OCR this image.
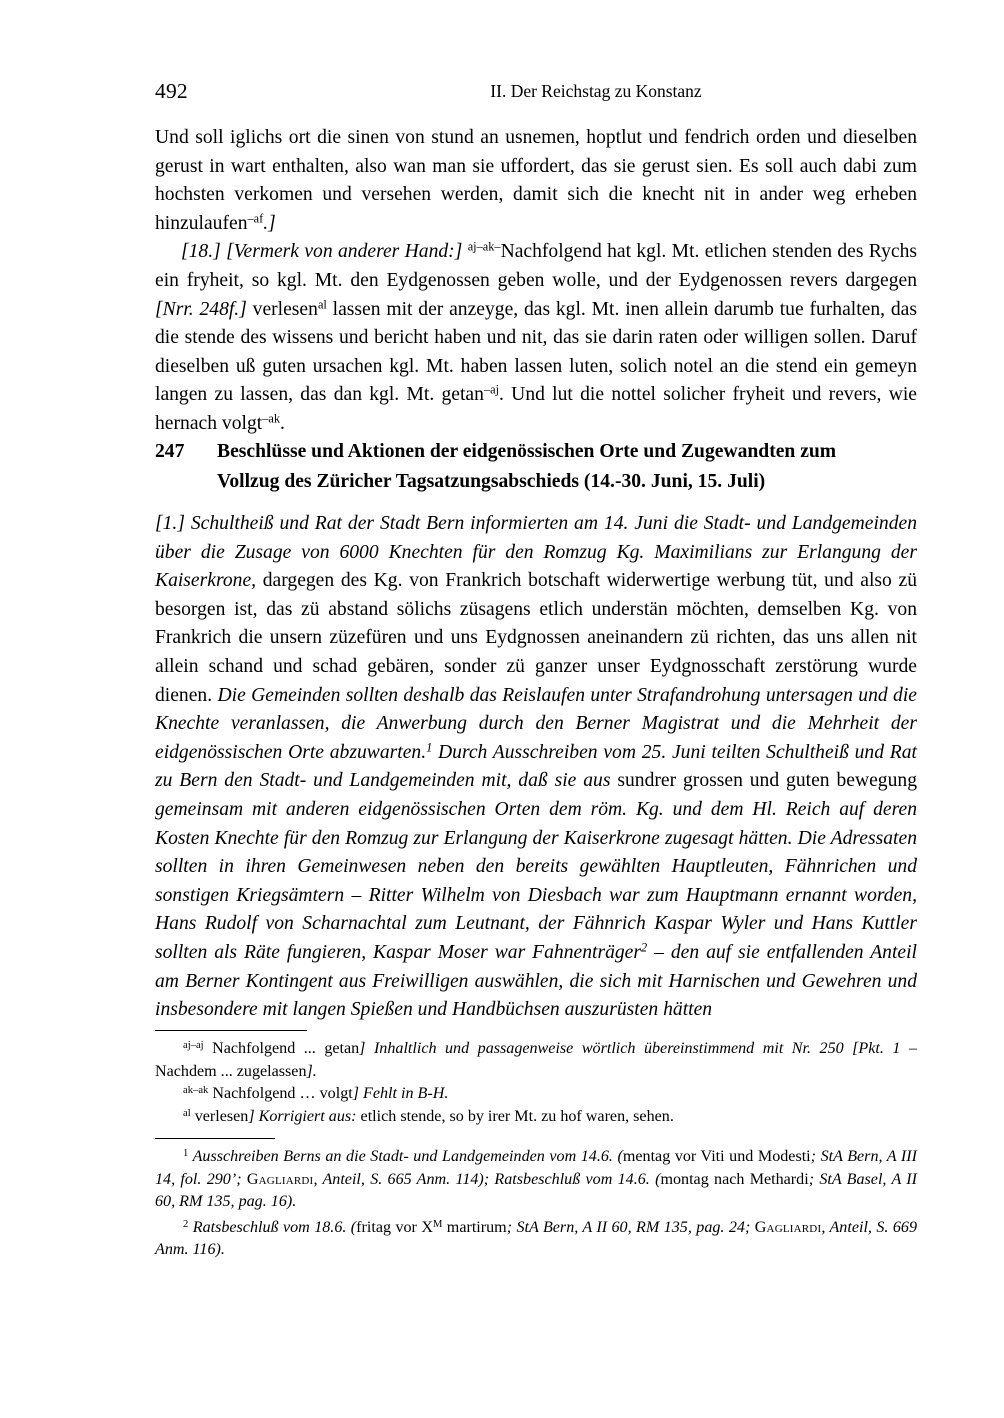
492	II. Der Reichstag zu Konstanz

Und soll iglichs ort die sinen von stund an usnemen, hoptlut und fendrich orden und dieselben gerust in wart enthalten, also wan man sie uffordert, das sie gerust sien. Es soll auch dabi zum hochsten verkomen und versehen werden, damit sich die knecht nit in ander weg erheben hinzulaufen$^{-af}$.]

[18.] [Vermerk von anderer Hand:] $^{aj-ak-}$Nachfolgend hat kgl. Mt. etlichen stenden des Rychs ein fryheit, so kgl. Mt. den Eydgenossen geben wolle, und der Eydgenossen revers dargegen [Nrr. 248f.] verlesen$^{al}$ lassen mit der anzeyge, das kgl. Mt. inen allein darumb tue furhalten, das die stende des wissens und bericht haben und nit, das sie darin raten oder willigen sollen. Daruf dieselben uß guten ursachen kgl. Mt. haben lassen luten, solich notel an die stend ein gemeyn langen zu lassen, das dan kgl. Mt. getan$^{-aj}$. Und lut die nottel solicher fryheit und revers, wie hernach volgt$^{-ak}$.

247	Beschlüsse und Aktionen der eidgenössischen Orte und Zugewandten zum
Vollzug des Züricher Tagsatzungsabschieds (14.-30. Juni, 15. Juli)

[1.] Schultheiß und Rat der Stadt Bern informierten am 14. Juni die Stadt- und Landgemeinden über die Zusage von 6000 Knechten für den Romzug Kg. Maximilians zur Erlangung der Kaiserkrone, dargegen des Kg. von Frankrich botschaft widerwertige werbung tüt, und also zü besorgen ist, das zü abstand sölichs züsagens etlich understän möchten, demselben Kg. von Frankrich die unsern züzefüren und uns Eydgnossen aneinandern zü richten, das uns allen nit allein schand und schad gebären, sonder zü ganzer unser Eydgnosschaft zerstörung wurde dienen. Die Gemeinden sollten deshalb das Reislaufen unter Strafandrohung untersagen und die Knechte veranlassen, die Anwerbung durch den Berner Magistrat und die Mehrheit der eidgenössischen Orte abzuwarten.$^1$ Durch Ausschreiben vom 25. Juni teilten Schultheiß und Rat zu Bern den Stadt- und Landgemeinden mit, daß sie aus sundrer grossen und guten bewegung gemeinsam mit anderen eidgenössischen Orten dem röm. Kg. und dem Hl. Reich auf deren Kosten Knechte für den Romzug zur Erlangung der Kaiserkrone zugesagt hätten. Die Adressaten sollten in ihren Gemeinwesen neben den bereits gewählten Hauptleuten, Fähnrichen und sonstigen Kriegsämtern – Ritter Wilhelm von Diesbach war zum Hauptmann ernannt worden, Hans Rudolf von Scharnachtal zum Leutnant, der Fähnrich Kaspar Wyler und Hans Kuttler sollten als Räte fungieren, Kaspar Moser war Fahnenträger$^2$ – den auf sie entfallenden Anteil am Berner Kontingent aus Freiwilligen auswählen, die sich mit Harnischen und Gewehren und insbesondere mit langen Spießen und Handbüchsen auszurüsten hätten

$^{aj-aj}$ Nachfolgend ... getan] Inhaltlich und passagenweise wörtlich übereinstimmend mit Nr. 250 [Pkt. 1 – Nachdem ... zugelassen].

$^{ak-ak}$ Nachfolgend … volgt] Fehlt in B-H.

$^{al}$ verlesen] Korrigiert aus: etlich stende, so by irer Mt. zu hof waren, sehen.

$^1$ Ausschreiben Berns an die Stadt- und Landgemeinden vom 14.6. (mentag vor Viti und Modesti; StA Bern, A III 14, fol. 290’; Gagliardi, Anteil, S. 665 Anm. 114); Ratsbeschluß vom 14.6. (montag nach Methardi; StA Basel, A II 60, RM 135, pag. 16).

$^2$ Ratsbeschluß vom 18.6. (fritag vor $X^M$ martirum; StA Bern, A II 60, RM 135, pag. 24; Gagliardi, Anteil, S. 669 Anm. 116).
